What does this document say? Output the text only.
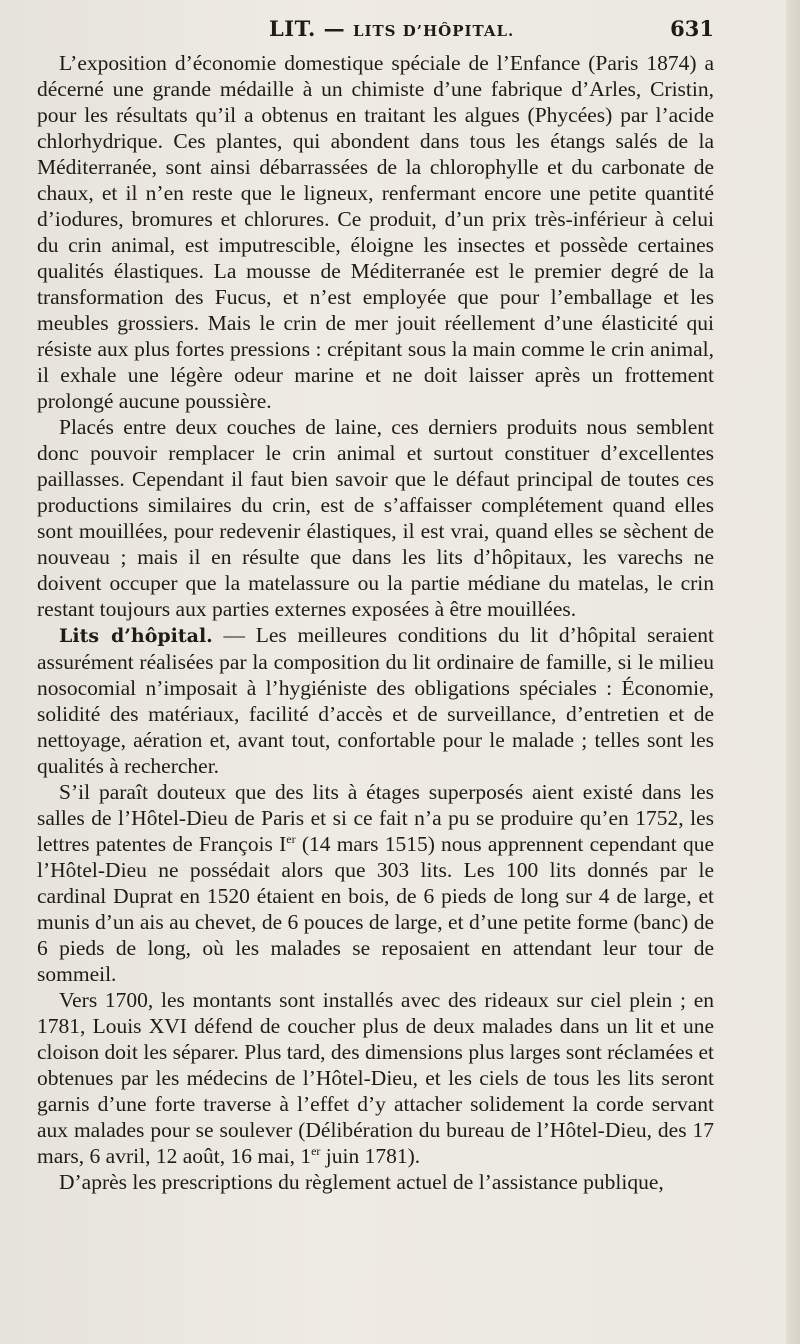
LIT. — LITS D’HÔPITAL.	631

L’exposition d’économie domestique spéciale de l’Enfance (Paris 1874) a décerné une grande médaille à un chimiste d’une fabrique d’Arles, Cristin, pour les résultats qu’il a obtenus en traitant les algues (Phycées) par l’acide chlorhydrique. Ces plantes, qui abondent dans tous les étangs salés de la Méditerranée, sont ainsi débarrassées de la chlorophylle et du carbonate de chaux, et il n’en reste que le ligneux, renfermant encore une petite quantité d’iodures, bromures et chlorures. Ce produit, d’un prix très-inférieur à celui du crin animal, est imputrescible, éloigne les insectes et possède certaines qualités élastiques. La mousse de Méditerranée est le premier degré de la transformation des Fucus, et n’est employée que pour l’emballage et les meubles grossiers. Mais le crin de mer jouit réellement d’une élasticité qui résiste aux plus fortes pressions : crépitant sous la main comme le crin animal, il exhale une légère odeur marine et ne doit laisser après un frottement prolongé aucune poussière.

Placés entre deux couches de laine, ces derniers produits nous semblent donc pouvoir remplacer le crin animal et surtout constituer d’excellentes paillasses. Cependant il faut bien savoir que le défaut principal de toutes ces productions similaires du crin, est de s’affaisser complétement quand elles sont mouillées, pour redevenir élastiques, il est vrai, quand elles se sèchent de nouveau ; mais il en résulte que dans les lits d’hôpitaux, les varechs ne doivent occuper que la matelassure ou la partie médiane du matelas, le crin restant toujours aux parties externes exposées à être mouillées.

Lits d’hôpital. — Les meilleures conditions du lit d’hôpital seraient assurément réalisées par la composition du lit ordinaire de famille, si le milieu nosocomial n’imposait à l’hygiéniste des obligations spéciales : Économie, solidité des matériaux, facilité d’accès et de surveillance, d’entretien et de nettoyage, aération et, avant tout, confortable pour le malade ; telles sont les qualités à rechercher.

S’il paraît douteux que des lits à étages superposés aient existé dans les salles de l’Hôtel-Dieu de Paris et si ce fait n’a pu se produire qu’en 1752, les lettres patentes de François Ier (14 mars 1515) nous apprennent cependant que l’Hôtel-Dieu ne possédait alors que 303 lits. Les 100 lits donnés par le cardinal Duprat en 1520 étaient en bois, de 6 pieds de long sur 4 de large, et munis d’un ais au chevet, de 6 pouces de large, et d’une petite forme (banc) de 6 pieds de long, où les malades se reposaient en attendant leur tour de sommeil.

Vers 1700, les montants sont installés avec des rideaux sur ciel plein ; en 1781, Louis XVI défend de coucher plus de deux malades dans un lit et une cloison doit les séparer. Plus tard, des dimensions plus larges sont réclamées et obtenues par les médecins de l’Hôtel-Dieu, et les ciels de tous les lits seront garnis d’une forte traverse à l’effet d’y attacher solidement la corde servant aux malades pour se soulever (Délibération du bureau de l’Hôtel-Dieu, des 17 mars, 6 avril, 12 août, 16 mai, 1er juin 1781).

D’après les prescriptions du règlement actuel de l’assistance publique,
